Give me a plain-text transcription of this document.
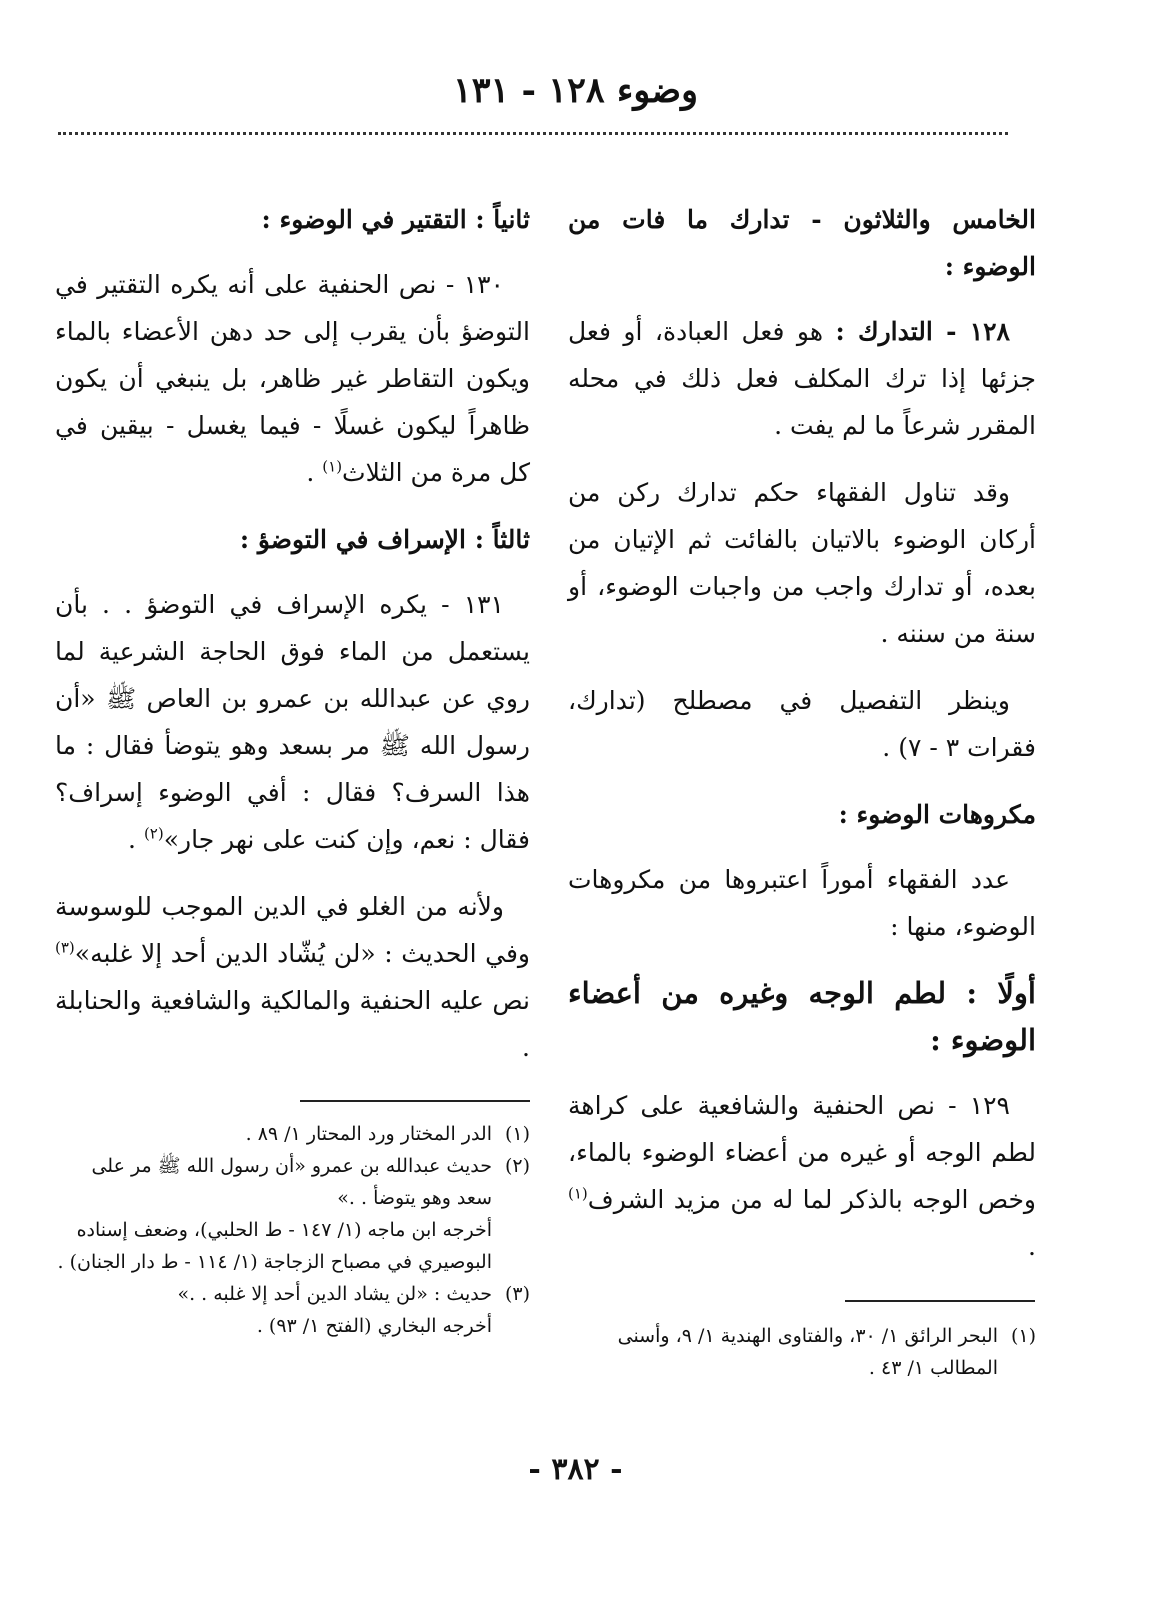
وضوء ١٢٨ - ١٣١

الخامس والثلاثون - تدارك ما فات من الوضوء :

١٢٨ - التدارك : هو فعل العبادة، أو فعل جزئها إذا ترك المكلف فعل ذلك في محله المقرر شرعاً ما لم يفت .

وقد تناول الفقهاء حكم تدارك ركن من أركان الوضوء بالاتيان بالفائت ثم الإتيان من بعده، أو تدارك واجب من واجبات الوضوء، أو سنة من سننه .

وينظر التفصيل في مصطلح (تدارك، فقرات ٣ - ٧) .

مكروهات الوضوء :

عدد الفقهاء أموراً اعتبروها من مكروهات الوضوء، منها :

أولًا : لطم الوجه وغيره من أعضاء الوضوء :

١٢٩ - نص الحنفية والشافعية على كراهة لطم الوجه أو غيره من أعضاء الوضوء بالماء، وخص الوجه بالذكر لما له من مزيد الشرف$^{(١)}$ .

ثانياً : التقتير في الوضوء :

١٣٠ - نص الحنفية على أنه يكره التقتير في التوضؤ بأن يقرب إلى حد دهن الأعضاء بالماء ويكون التقاطر غير ظاهر، بل ينبغي أن يكون ظاهراً ليكون غسلًا - فيما يغسل - بيقين في كل مرة من الثلاث$^{(١)}$ .

ثالثاً : الإسراف في التوضؤ :

١٣١ - يكره الإسراف في التوضؤ . . بأن يستعمل من الماء فوق الحاجة الشرعية لما روي عن عبدالله بن عمرو بن العاص ﷺ «أن رسول الله ﷺ مر بسعد وهو يتوضأ فقال : ما هذا السرف؟ فقال : أفي الوضوء إسراف؟ فقال : نعم، وإن كنت على نهر جار»$^{(٢)}$ .

ولأنه من الغلو في الدين الموجب للوسوسة وفي الحديث : «لن يُشّاد الدين أحد إلا غلبه»$^{(٣)}$ نص عليه الحنفية والمالكية والشافعية والحنابلة .

(١)
الدر المختار ورد المحتار ١/ ٨٩ .

(٢)
حديث عبدالله بن عمرو «أن رسول الله ﷺ مر على سعد وهو يتوضأ . .»

أخرجه ابن ماجه (١/ ١٤٧ - ط الحلبي)، وضعف إسناده البوصيري في مصباح الزجاجة (١/ ١١٤ - ط دار الجنان) .

(٣)
حديث : «لن يشاد الدين أحد إلا غلبه . .»

أخرجه البخاري (الفتح ١/ ٩٣) .	(١)
البحر الرائق ١/ ٣٠، والفتاوى الهندية ١/ ٩، وأسنى المطالب ١/ ٤٣ .

- ٣٨٢ -
